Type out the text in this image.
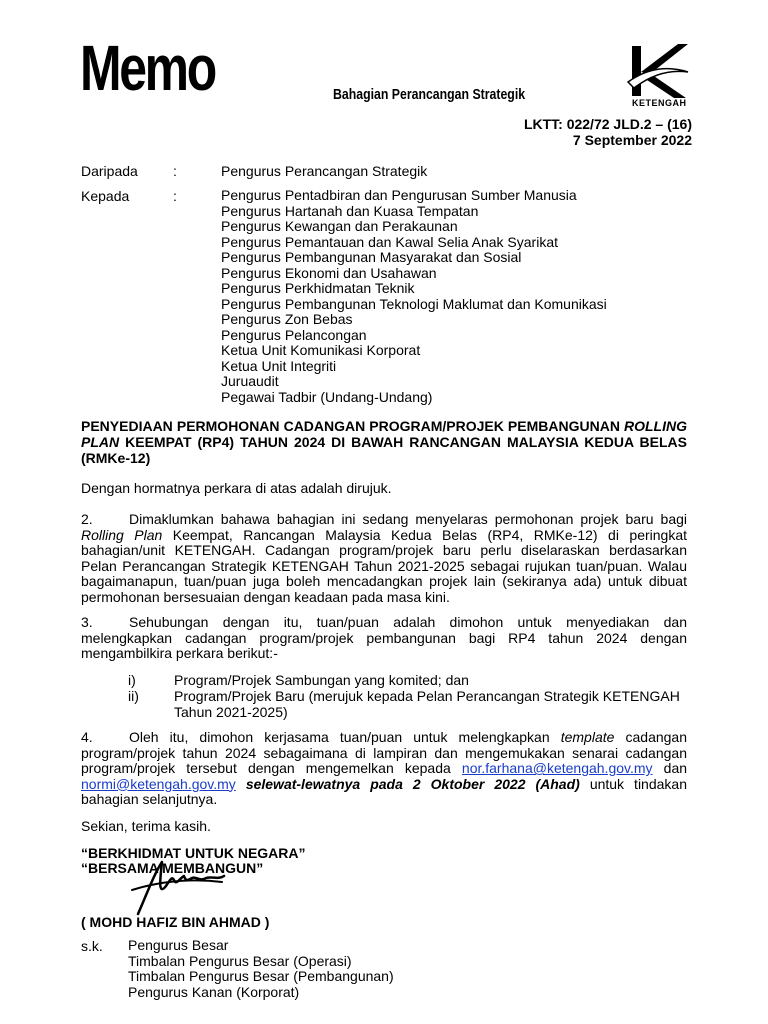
Memo	Bahagian Perancangan Strategik	KETENGAH
LKTT: 022/72 JLD.2 – (16)
7 September 2022
Daripada	:	Pengurus Perancangan Strategik
Kepada	:	Pengurus Pentadbiran dan Pengurusan Sumber Manusia
Pengurus Hartanah dan Kuasa Tempatan
Pengurus Kewangan dan Perakaunan
Pengurus Pemantauan dan Kawal Selia Anak Syarikat
Pengurus Pembangunan Masyarakat dan Sosial
Pengurus Ekonomi dan Usahawan
Pengurus Perkhidmatan Teknik
Pengurus Pembangunan Teknologi Maklumat dan Komunikasi
Pengurus Zon Bebas
Pengurus Pelancongan
Ketua Unit Komunikasi Korporat
Ketua Unit Integriti
Juruaudit
Pegawai Tadbir (Undang-Undang)
PENYEDIAAN PERMOHONAN CADANGAN PROGRAM/PROJEK PEMBANGUNAN ROLLING PLAN KEEMPAT (RP4) TAHUN 2024 DI BAWAH RANCANGAN MALAYSIA KEDUA BELAS (RMKe-12)
Dengan hormatnya perkara di atas adalah dirujuk.
2.	Dimaklumkan bahawa bahagian ini sedang menyelaras permohonan projek baru bagi Rolling Plan Keempat, Rancangan Malaysia Kedua Belas (RP4, RMKe-12) di peringkat bahagian/unit KETENGAH. Cadangan program/projek baru perlu diselaraskan berdasarkan Pelan Perancangan Strategik KETENGAH Tahun 2021-2025 sebagai rujukan tuan/puan. Walau bagaimanapun, tuan/puan juga boleh mencadangkan projek lain (sekiranya ada) untuk dibuat permohonan bersesuaian dengan keadaan pada masa kini.
3.	Sehubungan dengan itu, tuan/puan adalah dimohon untuk menyediakan dan melengkapkan cadangan program/projek pembangunan bagi RP4 tahun 2024 dengan mengambilkira perkara berikut:-
i)	Program/Projek Sambungan yang komited; dan
ii)	Program/Projek Baru (merujuk kepada Pelan Perancangan Strategik KETENGAH Tahun 2021-2025)
4.	Oleh itu, dimohon kerjasama tuan/puan untuk melengkapkan template cadangan program/projek tahun 2024 sebagaimana di lampiran dan mengemukakan senarai cadangan program/projek tersebut dengan mengemelkan kepada nor.farhana@ketengah.gov.my dan normi@ketengah.gov.my selewat-lewatnya pada 2 Oktober 2022 (Ahad) untuk tindakan bahagian selanjutnya.
Sekian, terima kasih.
“BERKHIDMAT UNTUK NEGARA”
“BERSAMA MEMBANGUN”
( MOHD HAFIZ BIN AHMAD )
s.k. Pengurus Besar
Timbalan Pengurus Besar (Operasi)
Timbalan Pengurus Besar (Pembangunan)
Pengurus Kanan (Korporat)
